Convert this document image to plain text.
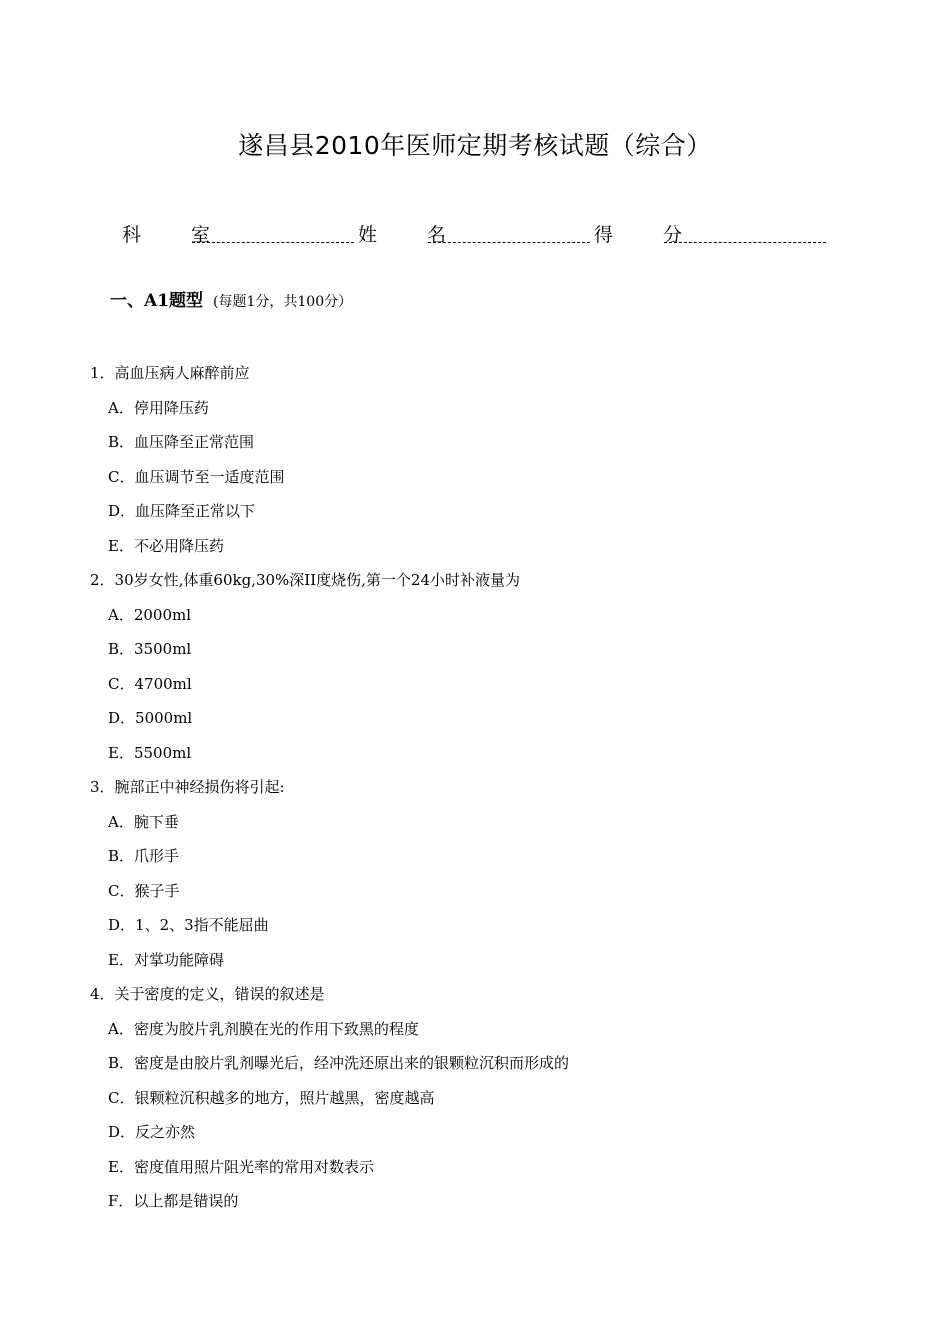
遂昌县2010年医师定期考核试题（综合）
科 室	姓 名	得 分
一、A1题型 (每题1分，共100分）
1．高血压病人麻醉前应
A．停用降压药
B．血压降至正常范围
C．血压调节至一适度范围
D．血压降至正常以下
E．不必用降压药
2．30岁女性,体重60kg,30%深II度烧伤,第一个24小时补液量为
A．2000ml
B．3500ml
C．4700ml
D．5000ml
E．5500ml
3．腕部正中神经损伤将引起:
A．腕下垂
B．爪形手
C．猴子手
D．1、2、3指不能屈曲
E．对掌功能障碍
4．关于密度的定义，错误的叙述是
A．密度为胶片乳剂膜在光的作用下致黑的程度
B．密度是由胶片乳剂曝光后，经冲洗还原出来的银颗粒沉积而形成的
C．银颗粒沉积越多的地方，照片越黑，密度越高
D．反之亦然
E．密度值用照片阻光率的常用对数表示
F．以上都是错误的
